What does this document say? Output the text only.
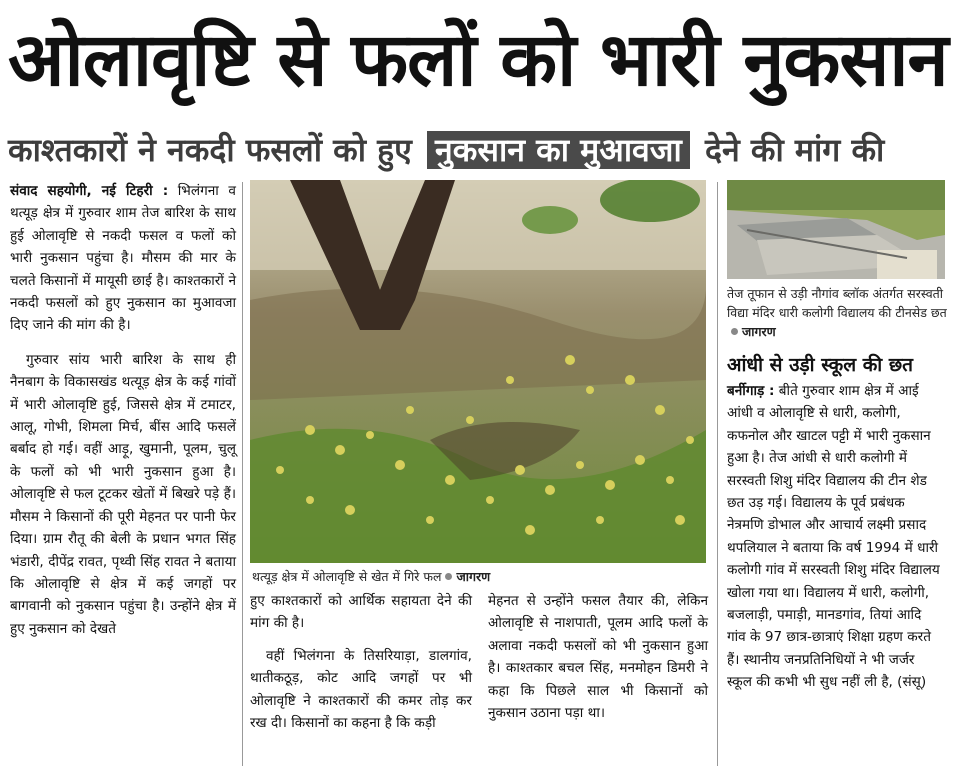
ओलावृष्टि से फलों को भारी नुकसान
काश्तकारों ने नकदी फसलों को हुए नुकसान का मुआवजा देने की मांग की

संवाद सहयोगी, नई टिहरी : भिलंगना व थत्यूड़ क्षेत्र में गुरुवार शाम तेज बारिश के साथ हुई ओलावृष्टि से नकदी फसल व फलों को भारी नुकसान पहुंचा है। मौसम की मार के चलते किसानों में मायूसी छाई है। काश्तकारों ने नकदी फसलों को हुए नुकसान का मुआवजा दिए जाने की मांग की है।

गुरुवार सांय भारी बारिश के साथ ही नैनबाग के विकासखंड थत्यूड़ क्षेत्र के कई गांवों में भारी ओलावृष्टि हुई, जिससे क्षेत्र में टमाटर, आलू, गोभी, शिमला मिर्च, बींस आदि फसलें बर्बाद हो गई। वहीं आड़ू, खुमानी, पूलम, चुलू के फलों को भी भारी नुकसान हुआ है। ओलावृष्टि से फल टूटकर खेतों में बिखरे पड़े हैं। मौसम ने किसानों की पूरी मेहनत पर पानी फेर दिया। ग्राम रौतू की बेली के प्रधान भगत सिंह भंडारी, दीपेंद्र रावत, पृथ्वी सिंह रावत ने बताया कि ओलावृष्टि से क्षेत्र में कई जगहों पर बागवानी को नुकसान पहुंचा है। उन्होंने क्षेत्र में हुए नुकसान को देखते

थत्यूड़ क्षेत्र में ओलावृष्टि से खेत में गिरे फल जागरण

हुए काश्तकारों को आर्थिक सहायता देने की मांग की है।

वहीं भिलंगना के तिसरियाड़ा, डालगांव, थातीकठूड़, कोट आदि जगहों पर भी ओलावृष्टि ने काश्तकारों की कमर तोड़ कर रख दी। किसानों का कहना है कि कड़ी

मेहनत से उन्होंने फसल तैयार की, लेकिन ओलावृष्टि से नाशपाती, पूलम आदि फलों के अलावा नकदी फसलों को भी नुकसान हुआ है। काश्तकार बचल सिंह, मनमोहन डिमरी ने कहा कि पिछले साल भी किसानों को नुकसान उठाना पड़ा था।

तेज तूफान से उड़ी नौगांव ब्लॉक अंतर्गत सरस्वती विद्या मंदिर धारी कलोगी विद्यालय की टीनसेड छतजागरण
आंधी से उड़ी स्कूल की छत
बर्नीगाड़ : बीते गुरुवार शाम क्षेत्र में आई आंधी व ओलावृष्टि से धारी, कलोगी, कफनोल और खाटल पट्टी में भारी नुकसान हुआ है। तेज आंधी से धारी कलोगी में सरस्वती शिशु मंदिर विद्यालय की टीन शेड छत उड़ गई। विद्यालय के पूर्व प्रबंधक नेत्रमणि डोभाल और आचार्य लक्ष्मी प्रसाद थपलियाल ने बताया कि वर्ष 1994 में धारी कलोगी गांव में सरस्वती शिशु मंदिर विद्यालय खोला गया था। विद्यालय में धारी, कलोगी, बजलाड़ी, पमाड़ी, मानडगांव, तियां आदि गांव के 97 छात्र-छात्राएं शिक्षा ग्रहण करते हैं। स्थानीय जनप्रतिनिधियों ने भी जर्जर स्कूल की कभी भी सुध नहीं ली है, (संसू)
